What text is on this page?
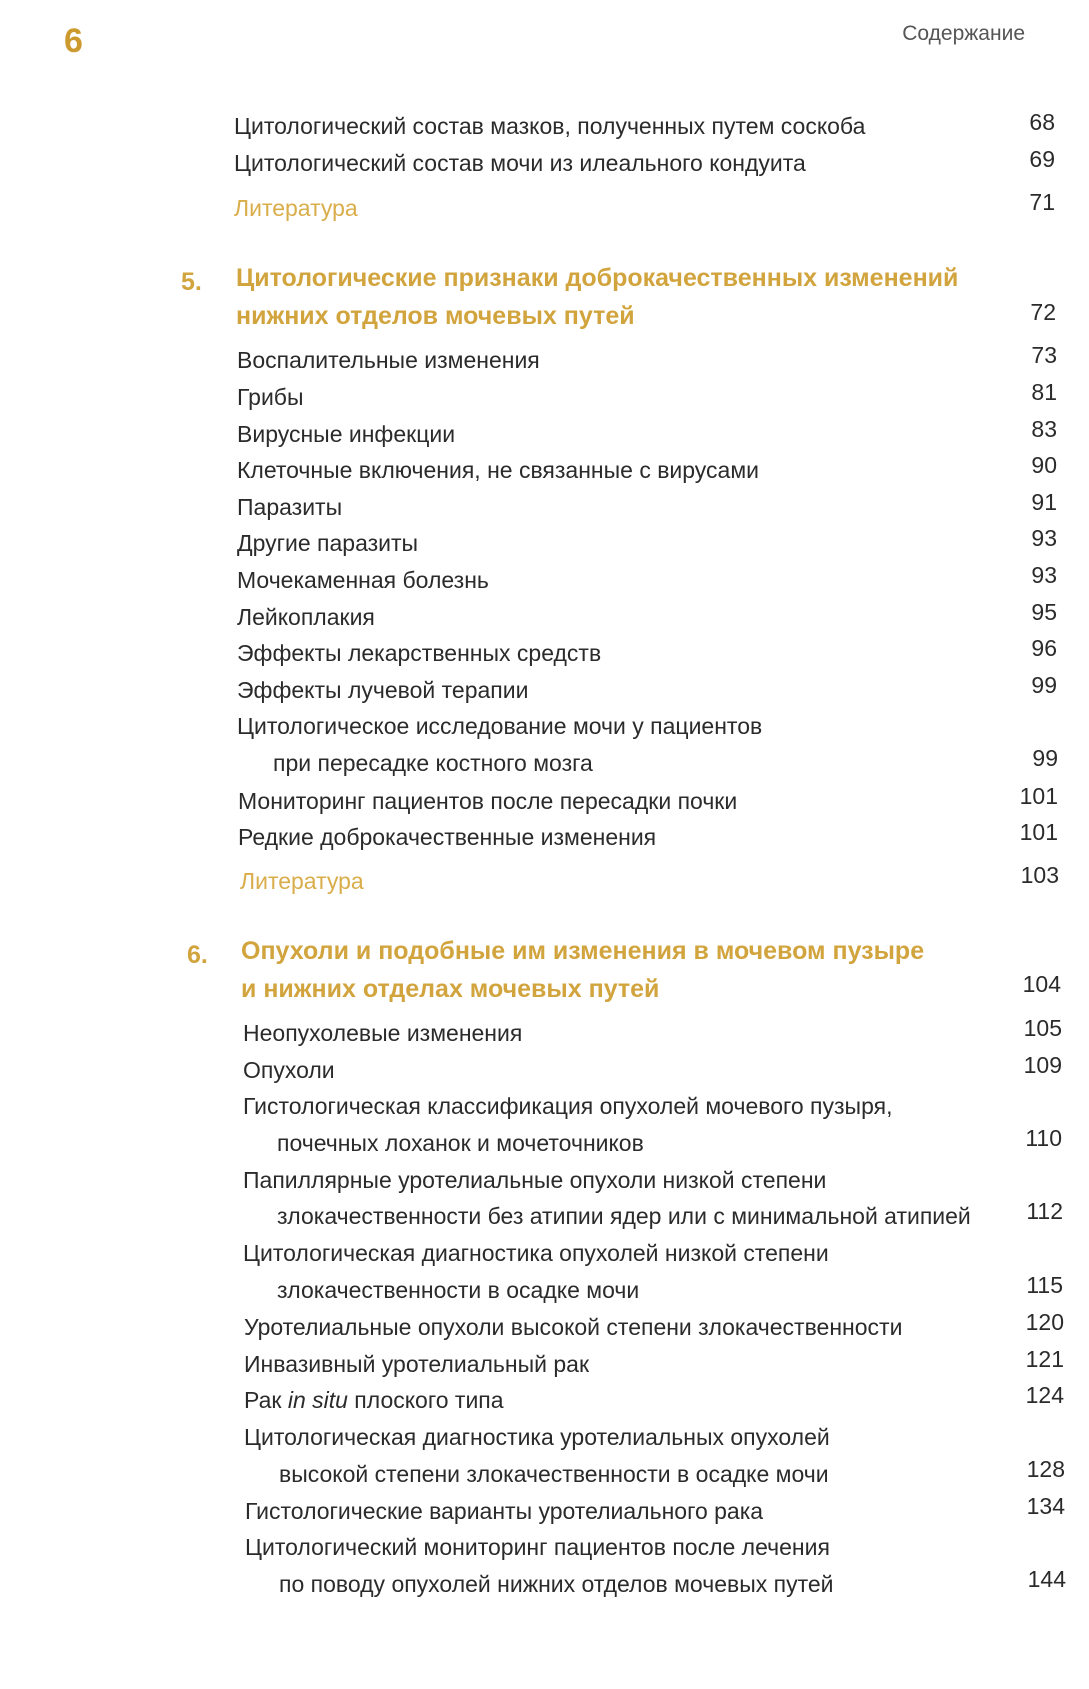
6	Содержание
Цитологический состав мазков, полученных путем соскоба	68
Цитологический состав мочи из илеального кондуита	69
Литература	71
5. Цитологические признаки доброкачественных изменений
нижних отделов мочевых путей	72
Воспалительные изменения	73
Грибы	81
Вирусные инфекции	83
Клеточные включения, не связанные с вирусами	90
Паразиты	91
Другие паразиты	93
Мочекаменная болезнь	93
Лейкоплакия	95
Эффекты лекарственных средств	96
Эффекты лучевой терапии	99
Цитологическое исследование мочи у пациентов
при пересадке костного мозга	99
Мониторинг пациентов после пересадки почки	101
Редкие доброкачественные изменения	101
Литература	103
6. Опухоли и подобные им изменения в мочевом пузыре
и нижних отделах мочевых путей	104
Неопухолевые изменения	105
Опухоли	109
Гистологическая классификация опухолей мочевого пузыря,
почечных лоханок и мочеточников	110
Папиллярные уротелиальные опухоли низкой степени
злокачественности без атипии ядер или с минимальной атипией	112
Цитологическая диагностика опухолей низкой степени
злокачественности в осадке мочи	115
Уротелиальные опухоли высокой степени злокачественности	120
Инвазивный уротелиальный рак	121
Рак in situ плоского типа	124
Цитологическая диагностика уротелиальных опухолей
высокой степени злокачественности в осадке мочи	128
Гистологические варианты уротелиального рака	134
Цитологический мониторинг пациентов после лечения
по поводу опухолей нижних отделов мочевых путей	144
